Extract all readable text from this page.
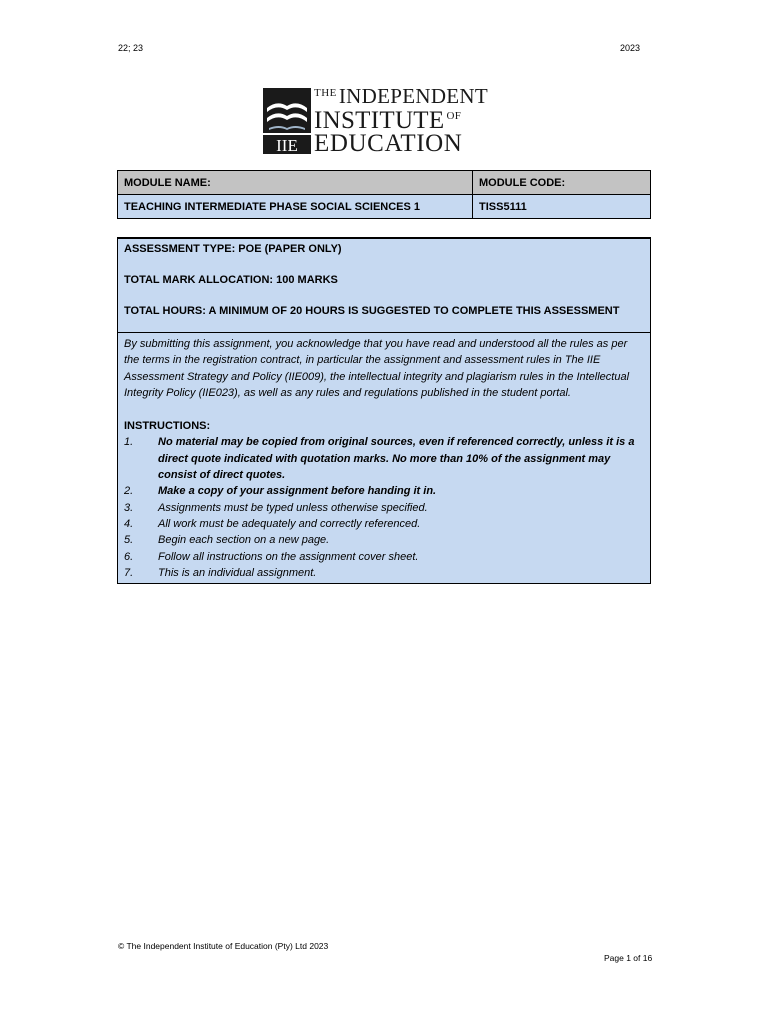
22; 23	2023
IIE
$^{THE}$INDEPENDENT
INSTITUTE $^{OF}$
EDUCATION
MODULE NAME:	MODULE CODE:
TEACHING INTERMEDIATE PHASE SOCIAL SCIENCES 1	TISS5111

ASSESSMENT TYPE: POE (PAPER ONLY)

TOTAL MARK ALLOCATION: 100 MARKS

TOTAL HOURS: A MINIMUM OF 20 HOURS IS SUGGESTED TO COMPLETE THIS ASSESSMENT

By submitting this assignment, you acknowledge that you have read and understood all the rules as per the terms in the registration contract, in particular the assignment and assessment rules in The IIE Assessment Strategy and Policy (IIE009), the intellectual integrity and plagiarism rules in the Intellectual Integrity Policy (IIE023), as well as any rules and regulations published in the student portal.

INSTRUCTIONS:

1.	No material may be copied from original sources, even if referenced correctly, unless it is a direct quote indicated with quotation marks. No more than 10% of the assignment may consist of direct quotes.
2.	Make a copy of your assignment before handing it in.
3.	Assignments must be typed unless otherwise specified.
4.	All work must be adequately and correctly referenced.
5.	Begin each section on a new page.
6.	Follow all instructions on the assignment cover sheet.
7.	This is an individual assignment.
© The Independent Institute of Education (Pty) Ltd 2023
Page 1 of 16
